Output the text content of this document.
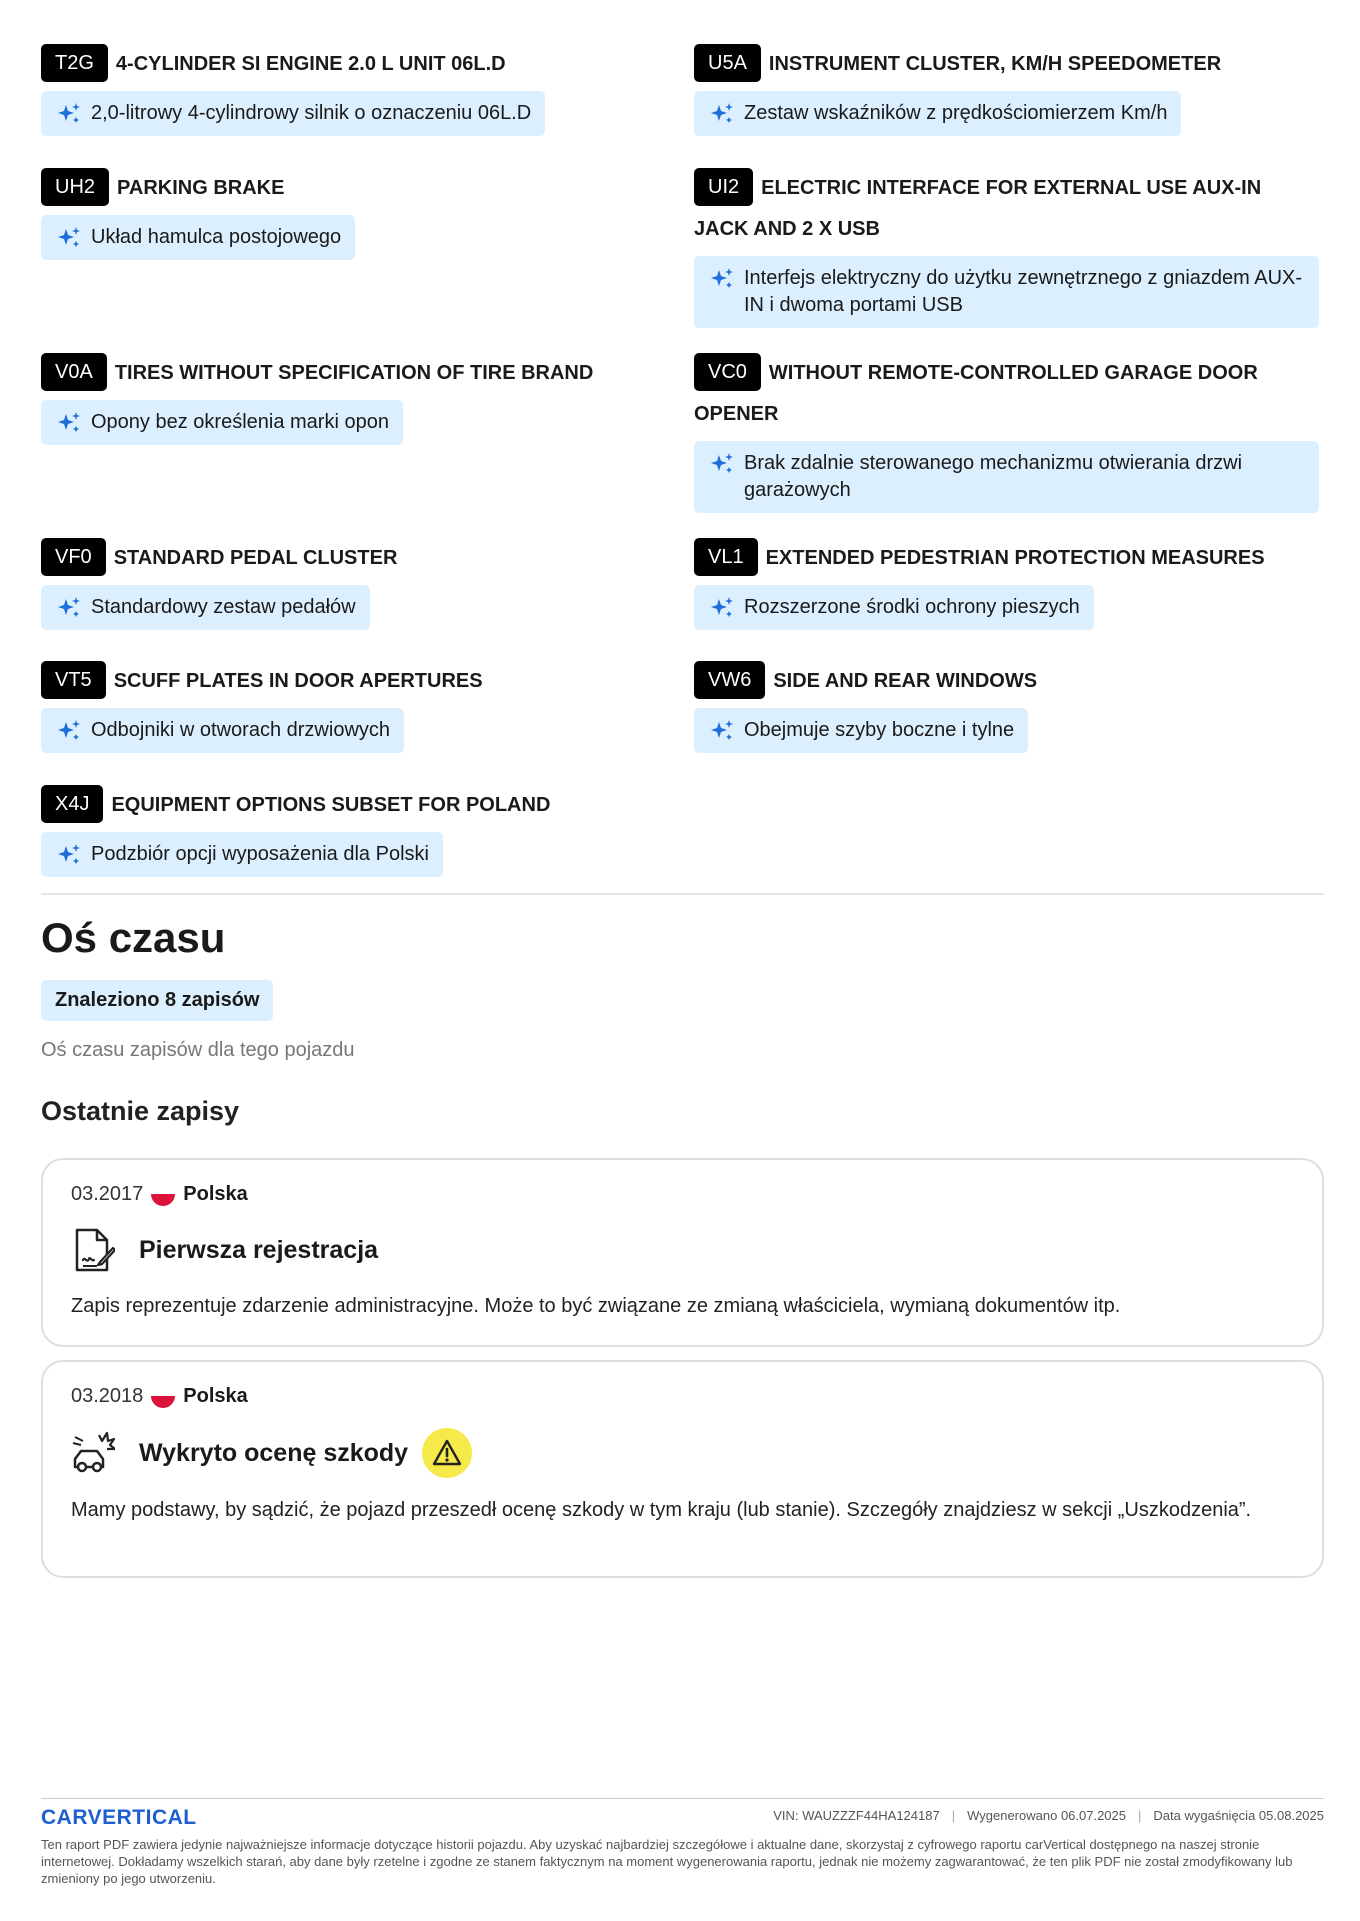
T2G 4-CYLINDER SI ENGINE 2.0 L UNIT 06L.D
2,0-litrowy 4-cylindrowy silnik o oznaczeniu 06L.D
U5A INSTRUMENT CLUSTER, KM/H SPEEDOMETER
Zestaw wskaźników z prędkościomierzem Km/h
UH2 PARKING BRAKE
Układ hamulca postojowego
UI2 ELECTRIC INTERFACE FOR EXTERNAL USE AUX-IN JACK AND 2 X USB
Interfejs elektryczny do użytku zewnętrznego z gniazdem AUX-IN i dwoma portami USB
V0A TIRES WITHOUT SPECIFICATION OF TIRE BRAND
Opony bez określenia marki opon
VC0 WITHOUT REMOTE-CONTROLLED GARAGE DOOR OPENER
Brak zdalnie sterowanego mechanizmu otwierania drzwi garażowych
VF0 STANDARD PEDAL CLUSTER
Standardowy zestaw pedałów
VL1 EXTENDED PEDESTRIAN PROTECTION MEASURES
Rozszerzone środki ochrony pieszych
VT5 SCUFF PLATES IN DOOR APERTURES
Odbojniki w otworach drzwiowych
VW6 SIDE AND REAR WINDOWS
Obejmuje szyby boczne i tylne
X4J EQUIPMENT OPTIONS SUBSET FOR POLAND
Podzbiór opcji wyposażenia dla Polski
Oś czasu
Znaleziono 8 zapisów
Oś czasu zapisów dla tego pojazdu
Ostatnie zapisy
03.2017 Polska
Pierwsza rejestracja
Zapis reprezentuje zdarzenie administracyjne. Może to być związane ze zmianą właściciela, wymianą dokumentów itp.
03.2018 Polska
Wykryto ocenę szkody
Mamy podstawy, by sądzić, że pojazd przeszedł ocenę szkody w tym kraju (lub stanie). Szczegóły znajdziesz w sekcji „Uszkodzenia”.
CARVERTICAL	VIN:
WAUZZZF44HA124187 | Wygenerowano
06.07.2025 | Data wygaśnięcia
05.08.2025
Ten raport PDF zawiera jedynie najważniejsze informacje dotyczące historii pojazdu. Aby uzyskać najbardziej szczegółowe i aktualne dane, skorzystaj z cyfrowego raportu carVertical dostępnego na naszej stronie internetowej. Dokładamy wszelkich starań, aby dane były rzetelne i zgodne ze stanem faktycznym na moment wygenerowania raportu, jednak nie możemy zagwarantować, że ten plik PDF nie został zmodyfikowany lub zmieniony po jego utworzeniu.
